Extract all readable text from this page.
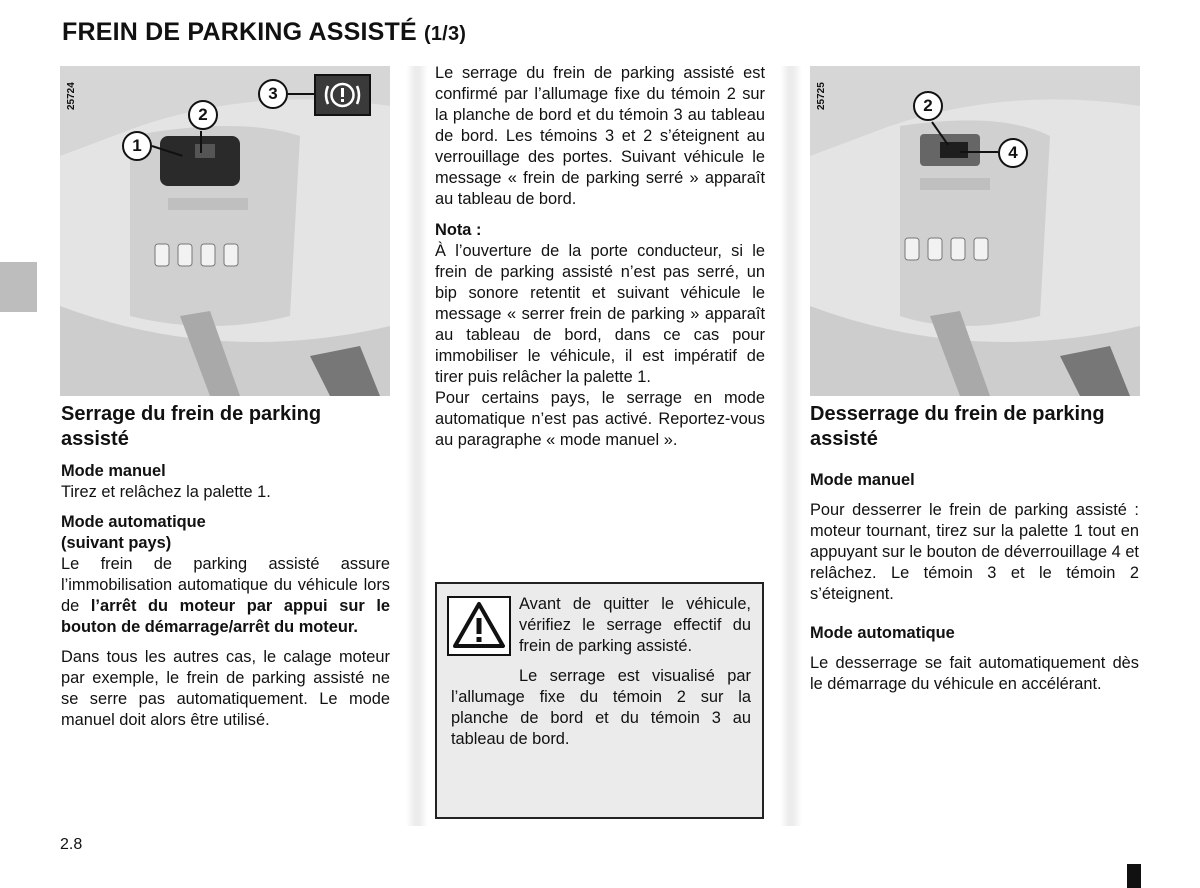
FREIN DE PARKING ASSISTÉ (1/3)
25724
1
2
3	25725	2
4
Serrage du frein de parking assisté

Mode manuel

Tirez et relâchez la palette 1.

Mode automatique

(suivant pays)

Le frein de parking assisté assure l’immobilisation automatique du véhicule lors de l’arrêt du moteur par appui sur le bouton de démarrage/arrêt du moteur.

Dans tous les autres cas, le calage moteur par exemple, le frein de parking assisté ne se serre pas automatiquement. Le mode manuel doit alors être utilisé.

Le serrage du frein de parking assisté est confirmé par l’allumage fixe du témoin 2 sur la planche de bord et du témoin 3 au tableau de bord. Les témoins 3 et 2 s’éteignent au verrouillage des portes. Suivant véhicule le message « frein de parking serré » apparaît au tableau de bord.

Nota :

À l’ouverture de la porte conducteur, si le frein de parking assisté n’est pas serré, un bip sonore retentit et suivant véhicule le message « serrer frein de parking » apparaît au tableau de bord, dans ce cas pour immobiliser le véhicule, il est impératif de tirer puis relâcher la palette 1.

Pour certains pays, le serrage en mode automatique n’est pas activé. Reportez-vous au paragraphe « mode manuel ».

Avant de quitter le véhicule, vérifiez le serrage effectif du frein de parking assisté.
Le serrage est visualisé par l’allumage fixe du témoin 2 sur la planche de bord et du témoin 3 au tableau de bord.
Desserrage du frein de parking assisté

Mode manuel

Pour desserrer le frein de parking assisté : moteur tournant, tirez sur la palette 1 tout en appuyant sur le bouton de déverrouillage 4 et relâchez. Le témoin 3 et le témoin 2 s’éteignent.

Mode automatique

Le desserrage se fait automatiquement dès le démarrage du véhicule en accélérant.

2.8
